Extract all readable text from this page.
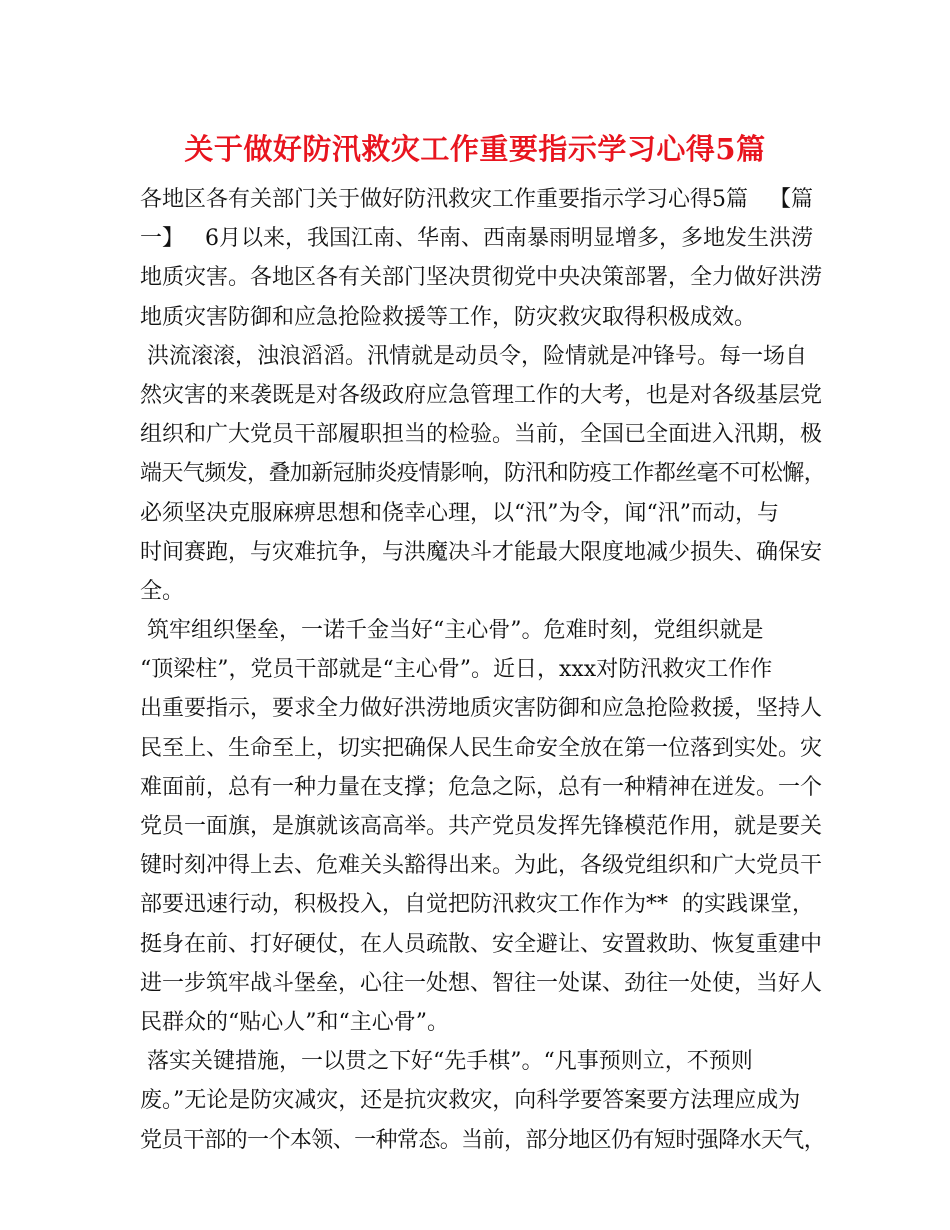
关于做好防汛救灾工作重要指示学习心得5篇
各地区各有关部门关于做好防汛救灾工作重要指示学习心得5篇   【篇
一】   6月以来，我国江南、华南、西南暴雨明显增多，多地发生洪涝
地质灾害。各地区各有关部门坚决贯彻党中央决策部署，全力做好洪涝
地质灾害防御和应急抢险救援等工作，防灾救灾取得积极成效。
洪流滚滚，浊浪滔滔。汛情就是动员令，险情就是冲锋号。每一场自
然灾害的来袭既是对各级政府应急管理工作的大考，也是对各级基层党
组织和广大党员干部履职担当的检验。当前，全国已全面进入汛期，极
端天气频发，叠加新冠肺炎疫情影响，防汛和防疫工作都丝毫不可松懈，
必须坚决克服麻痹思想和侥幸心理，以“汛”为令，闻“汛”而动，与
时间赛跑，与灾难抗争，与洪魔决斗才能最大限度地减少损失、确保安
全。
筑牢组织堡垒，一诺千金当好“主心骨”。危难时刻，党组织就是
“顶梁柱”，党员干部就是“主心骨”。近日，xxx对防汛救灾工作作
出重要指示，要求全力做好洪涝地质灾害防御和应急抢险救援，坚持人
民至上、生命至上，切实把确保人民生命安全放在第一位落到实处。灾
难面前，总有一种力量在支撑；危急之际，总有一种精神在迸发。一个
党员一面旗，是旗就该高高举。共产党员发挥先锋模范作用，就是要关
键时刻冲得上去、危难关头豁得出来。为此，各级党组织和广大党员干
部要迅速行动，积极投入，自觉把防汛救灾工作作为**  的实践课堂，
挺身在前、打好硬仗，在人员疏散、安全避让、安置救助、恢复重建中
进一步筑牢战斗堡垒，心往一处想、智往一处谋、劲往一处使，当好人
民群众的“贴心人”和“主心骨”。
落实关键措施，一以贯之下好“先手棋”。“凡事预则立，不预则
废。”无论是防灾减灾，还是抗灾救灾，向科学要答案要方法理应成为
党员干部的一个本领、一种常态。当前，部分地区仍有短时强降水天气，
